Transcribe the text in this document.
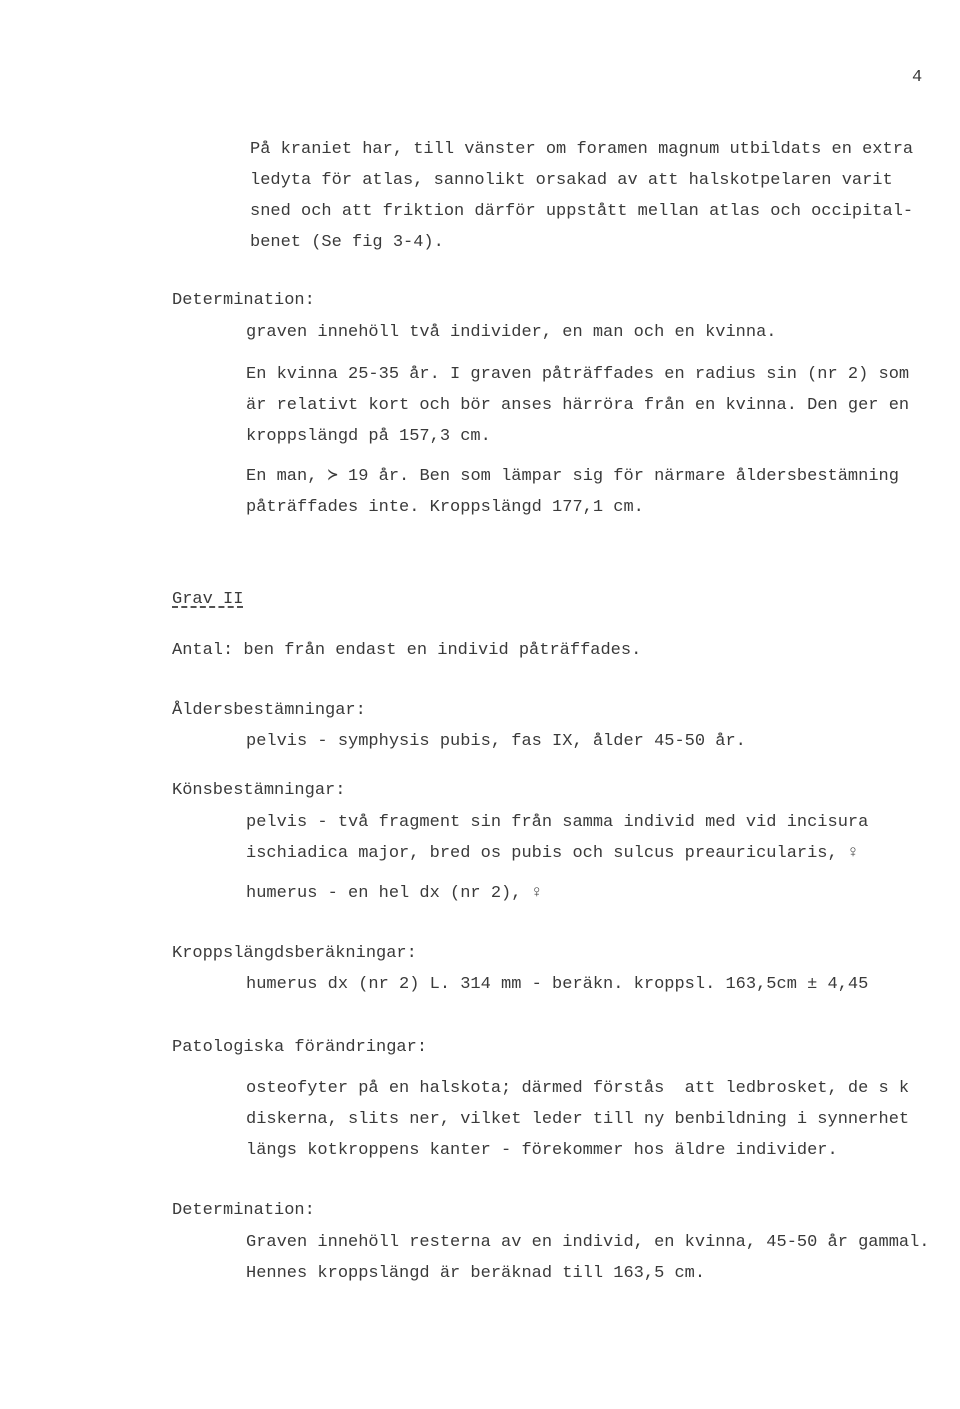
4
På kraniet har, till vänster om foramen magnum utbildats en extra
ledyta för atlas, sannolikt orsakad av att halskotpelaren varit
sned och att friktion därför uppstått mellan atlas och occipital-
benet (Se fig 3-4).
Determination:
graven innehöll två individer, en man och en kvinna.
En kvinna 25-35 år. I graven påträffades en radius sin (nr 2) som
är relativt kort och bör anses härröra från en kvinna. Den ger en
kroppslängd på 157,3 cm.
En man, ≻ 19 år. Ben som lämpar sig för närmare åldersbestämning
påträffades inte. Kroppslängd 177,1 cm.
Grav II
Antal: ben från endast en individ påträffades.
Åldersbestämningar:
pelvis - symphysis pubis, fas IX, ålder 45-50 år.
Könsbestämningar:
pelvis - två fragment sin från samma individ med vid incisura
ischiadica major, bred os pubis och sulcus preauricularis, ♀
humerus - en hel dx (nr 2), ♀
Kroppslängdsberäkningar:
humerus dx (nr 2) L. 314 mm - beräkn. kroppsl. 163,5cm ± 4,45
Patologiska förändringar:
osteofyter på en halskota; därmed förstås  att ledbrosket, de s k
diskerna, slits ner, vilket leder till ny benbildning i synnerhet
längs kotkroppens kanter - förekommer hos äldre individer.
Determination:
Graven innehöll resterna av en individ, en kvinna, 45-50 år gammal.
Hennes kroppslängd är beräknad till 163,5 cm.
